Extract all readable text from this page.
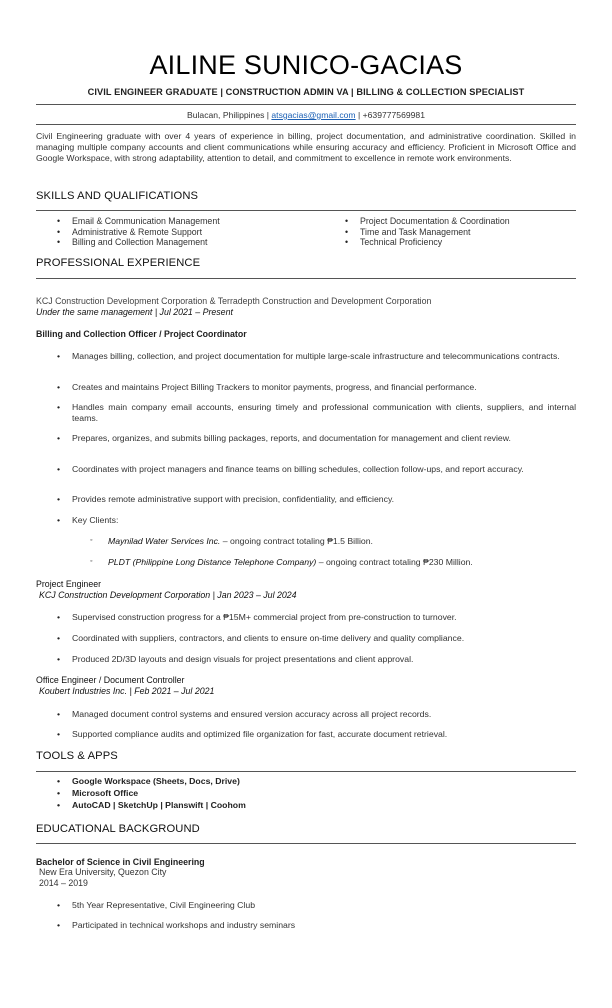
AILINE SUNICO-GACIAS
CIVIL ENGINEER GRADUATE | CONSTRUCTION ADMIN VA | BILLING & COLLECTION SPECIALIST
Bulacan, Philippines | atsgacias@gmail.com | +639777569981
Civil Engineering graduate with over 4 years of experience in billing, project documentation, and administrative coordination. Skilled in managing multiple company accounts and client communications while ensuring accuracy and efficiency. Proficient in Microsoft Office and Google Workspace, with strong adaptability, attention to detail, and commitment to excellence in remote work environments.
SKILLS AND QUALIFICATIONS
• Email & Communication Management
• Administrative & Remote Support
• Billing and Collection Management
• Project Documentation & Coordination
• Time and Task Management
• Technical Proficiency
PROFESSIONAL EXPERIENCE
KCJ Construction Development Corporation & Terradepth Construction and Development Corporation
Under the same management | Jul 2021 – Present
Billing and Collection Officer / Project Coordinator
• Manages billing, collection, and project documentation for multiple large-scale infrastructure and telecommunications contracts.
• Creates and maintains Project Billing Trackers to monitor payments, progress, and financial performance.
• Handles main company email accounts, ensuring timely and professional communication with clients, suppliers, and internal teams.
• Prepares, organizes, and submits billing packages, reports, and documentation for management and client review.
• Coordinates with project managers and finance teams on billing schedules, collection follow-ups, and report accuracy.
• Provides remote administrative support with precision, confidentiality, and efficiency.
• Key Clients:
◦ Maynilad Water Services Inc. – ongoing contract totaling ₱1.5 Billion.
◦ PLDT (Philippine Long Distance Telephone Company) – ongoing contract totaling ₱230 Million.
Project Engineer
KCJ Construction Development Corporation | Jan 2023 – Jul 2024
• Supervised construction progress for a ₱15M+ commercial project from pre-construction to turnover.
• Coordinated with suppliers, contractors, and clients to ensure on-time delivery and quality compliance.
• Produced 2D/3D layouts and design visuals for project presentations and client approval.
Office Engineer / Document Controller
Koubert Industries Inc. | Feb 2021 – Jul 2021
• Managed document control systems and ensured version accuracy across all project records.
• Supported compliance audits and optimized file organization for fast, accurate document retrieval.
TOOLS & APPS
• Google Workspace (Sheets, Docs, Drive)
• Microsoft Office
• AutoCAD | SketchUp | Planswift | Coohom
EDUCATIONAL BACKGROUND
Bachelor of Science in Civil Engineering
New Era University, Quezon City
2014 – 2019
• 5th Year Representative, Civil Engineering Club
• Participated in technical workshops and industry seminars
